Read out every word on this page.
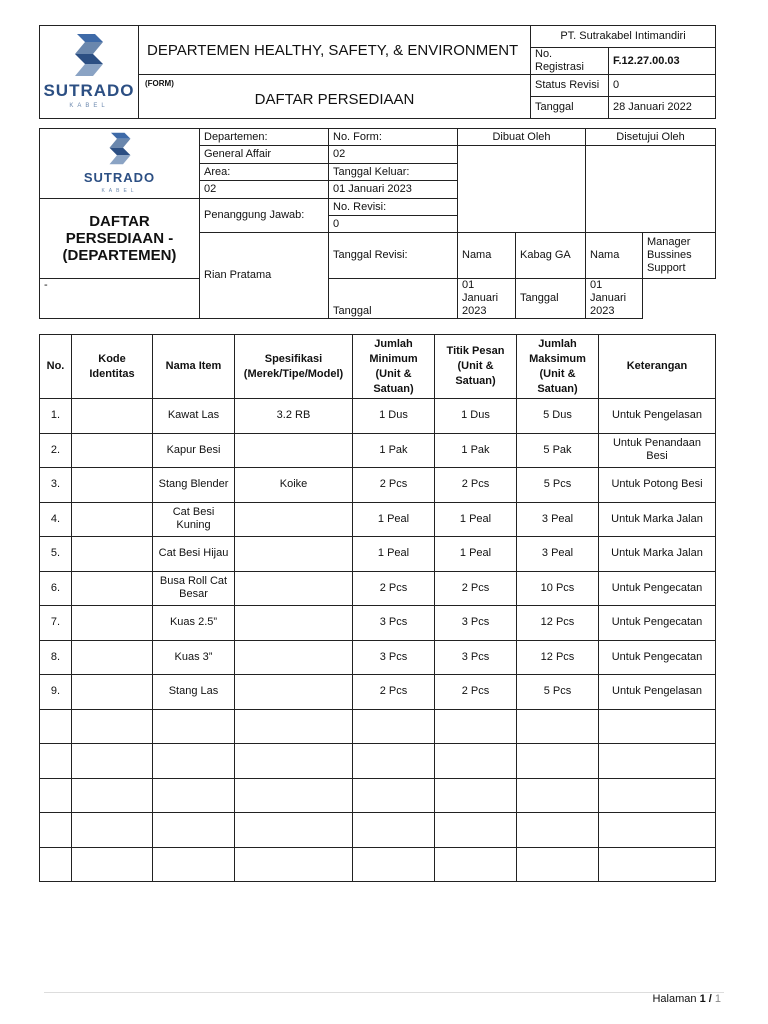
SUTRADO
KABEL	DEPARTEMEN HEALTHY, SAFETY, & ENVIRONMENT	PT. Sutrakabel Intimandiri	
		No. Registrasi	F.12.27.00.03

	(FORM)
DAFTAR PERSEDIAAN	Status Revisi	0
		Tanggal	28 Januari 2022
SUTRADO
KABEL	Departemen:	No. Form:	Dibuat Oleh		Disetujui Oleh	
	General Affair	02				
	Area:	Tanggal Keluar:				
	02	01 Januari 2023				
DAFTAR PERSEDIAAN - (DEPARTEMEN)	Penanggung Jawab:	No. Revisi:				
		0				
	Rian Pratama	Tanggal Revisi:	Nama	Kabag GA	Nama	Manager Bussines Support
-		Tanggal	01 Januari 2023	Tanggal	01 Januari 2023	
No.	Kode Identitas	Nama Item	Spesifikasi (Merek/Tipe/Model)	Jumlah Minimum (Unit & Satuan)	Titik Pesan (Unit & Satuan)	Jumlah Maksimum (Unit & Satuan)	Keterangan
1.		Kawat Las	3.2 RB	1 Dus	1 Dus	5 Dus	Untuk Pengelasan
2.		Kapur Besi		1 Pak	1 Pak	5 Pak	Untuk Penandaan Besi
3.		Stang Blender	Koike	2 Pcs	2 Pcs	5 Pcs	Untuk Potong Besi
4.		Cat Besi Kuning		1 Peal	1 Peal	3 Peal	Untuk Marka Jalan
5.		Cat Besi Hijau		1 Peal	1 Peal	3 Peal	Untuk Marka Jalan
6.		Busa Roll Cat Besar		2 Pcs	2 Pcs	10 Pcs	Untuk Pengecatan
7.		Kuas 2.5”		3 Pcs	3 Pcs	12 Pcs	Untuk Pengecatan
8.		Kuas 3”		3 Pcs	3 Pcs	12 Pcs	Untuk Pengecatan
9.		Stang Las		2 Pcs	2 Pcs	5 Pcs	Untuk Pengelasan

Halaman 1 / 1
